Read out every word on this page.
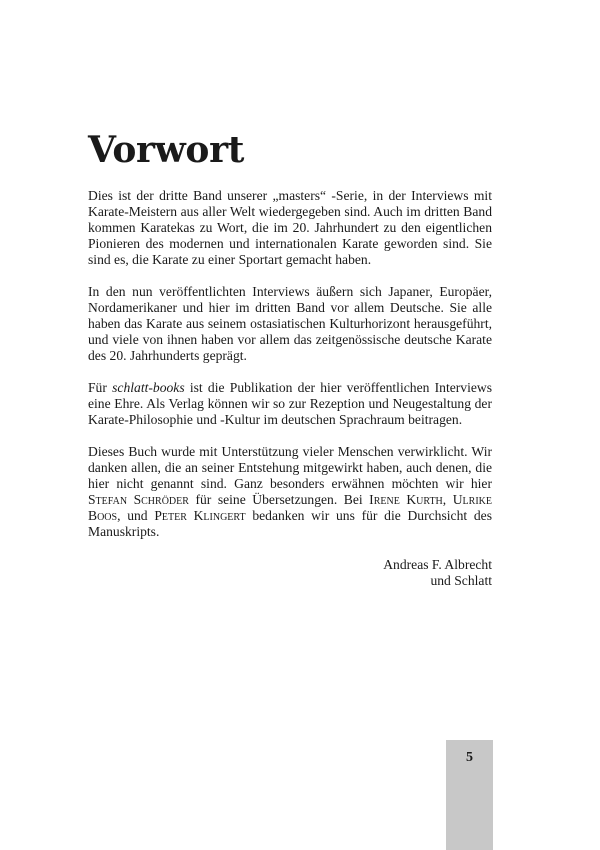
Vorwort

Dies ist der dritte Band unserer „masters“ -Serie, in der Interviews mit Karate-Meistern aus aller Welt wiedergegeben sind. Auch im dritten Band kommen Karatekas zu Wort, die im 20. Jahrhundert zu den eigentlichen Pionieren des modernen und internationalen Karate geworden sind. Sie sind es, die Karate zu einer Sportart gemacht haben.

In den nun veröffentlichten Interviews äußern sich Japaner, Europäer, Nordamerikaner und hier im dritten Band vor allem Deutsche. Sie alle haben das Karate aus seinem ostasiatischen Kulturhorizont herausgeführt, und viele von ihnen haben vor allem das zeitgenössische deutsche Karate des 20. Jahrhunderts geprägt.

Für schlatt-books ist die Publikation der hier veröffentlichen Interviews eine Ehre. Als Verlag können wir so zur Rezeption und Neugestaltung der Karate-Philosophie und -Kultur im deutschen Sprachraum beitragen.

Dieses Buch wurde mit Unterstützung vieler Menschen verwirklicht. Wir danken allen, die an seiner Entstehung mitgewirkt haben, auch denen, die hier nicht genannt sind. Ganz besonders erwähnen möchten wir hier Stefan Schröder für seine Übersetzungen. Bei Irene Kurth, Ulrike Boos, und Peter Klingert bedanken wir uns für die Durchsicht des Manuskripts.

Andreas F. Albrecht
und Schlatt
5
